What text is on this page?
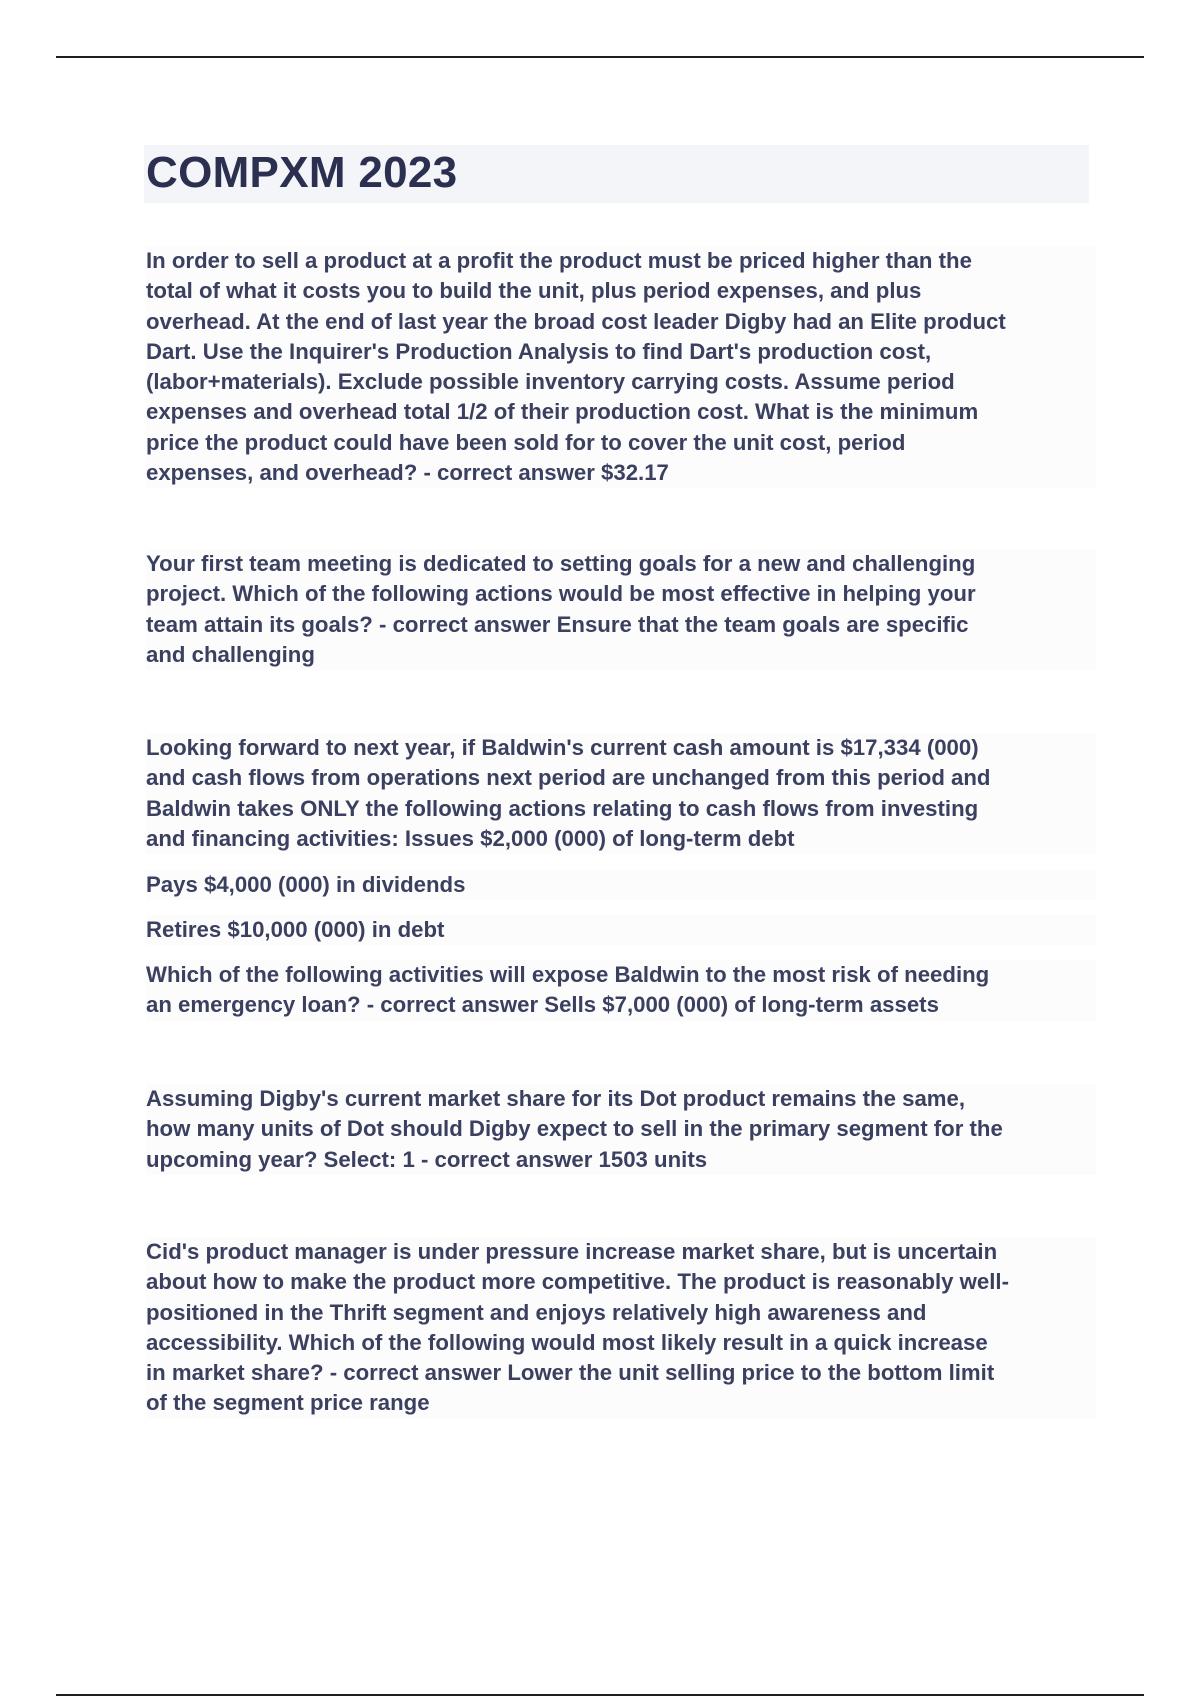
COMPXM 2023

In order to sell a product at a profit the product must be priced higher than the
total of what it costs you to build the unit, plus period expenses, and plus
overhead. At the end of last year the broad cost leader Digby had an Elite product
Dart. Use the Inquirer's Production Analysis to find Dart's production cost,
(labor+materials). Exclude possible inventory carrying costs. Assume period
expenses and overhead total 1/2 of their production cost. What is the minimum
price the product could have been sold for to cover the unit cost, period
expenses, and overhead? - correct answer $32.17

Your first team meeting is dedicated to setting goals for a new and challenging
project. Which of the following actions would be most effective in helping your
team attain its goals? - correct answer Ensure that the team goals are specific
and challenging

Looking forward to next year, if Baldwin's current cash amount is $17,334 (000)
and cash flows from operations next period are unchanged from this period and
Baldwin takes ONLY the following actions relating to cash flows from investing
and financing activities: Issues $2,000 (000) of long-term debt

Pays $4,000 (000) in dividends

Retires $10,000 (000) in debt

Which of the following activities will expose Baldwin to the most risk of needing
an emergency loan? - correct answer Sells $7,000 (000) of long-term assets

Assuming Digby's current market share for its Dot product remains the same,
how many units of Dot should Digby expect to sell in the primary segment for the
upcoming year? Select: 1 - correct answer 1503 units

Cid's product manager is under pressure increase market share, but is uncertain
about how to make the product more competitive. The product is reasonably well-
positioned in the Thrift segment and enjoys relatively high awareness and
accessibility. Which of the following would most likely result in a quick increase
in market share? - correct answer Lower the unit selling price to the bottom limit
of the segment price range
